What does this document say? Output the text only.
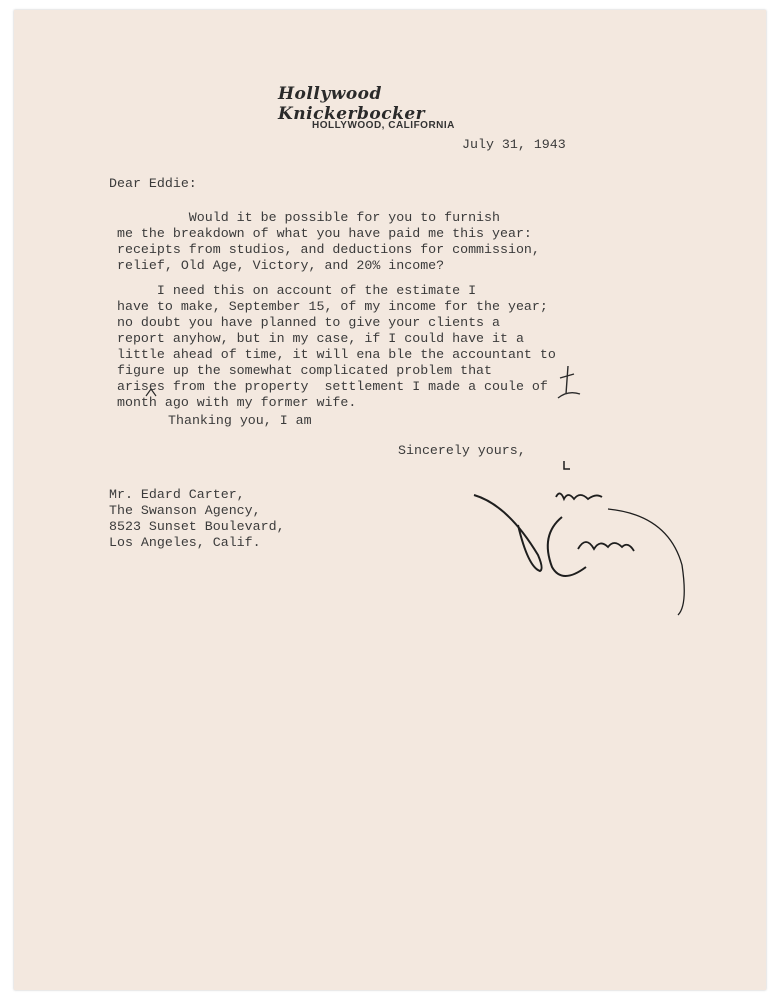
Hollywood Knickerbocker
HOLLYWOOD, CALIFORNIA
July 31, 1943
Dear Eddie:
Would it be possible for you to furnish
me the breakdown of what you have paid me this year:
receipts from studios, and deductions for commission,
relief, Old Age, Victory, and 20% income?
I need this on account of the estimate I
have to make, September 15, of my income for the year;
no doubt you have planned to give your clients a
report anyhow, but in my case, if I could have it a
little ahead of time, it will ena ble the accountant to
figure up the somewhat complicated problem that
arises from the property  settlement I made a coule of
month ago with my former wife.
Thanking you, I am
Sincerely yours,
Mr. Edard Carter,
The Swanson Agency,
8523 Sunset Boulevard,
Los Angeles, Calif.
